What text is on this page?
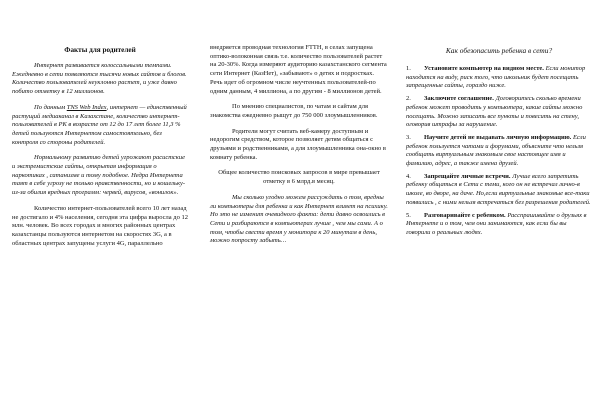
Факты для родителей

Интернет развивается колоссальными темпами. Ежедневно в сети появляются тысячи новых сайтов и блогов. Количество пользователей неуклонно растет, и уже давно побито отметку в 12 миллионов.

По данным TNS Web Index, интернет — единственный растущий медиаканал в Казахстане, количество интернет-пользователей в РК в возрасте от 12 до 17 лет более 11,3 % детей пользуются Интернетом самостоятельно, без контроля со стороны родителей.

Нормальному развитию детей угрожают расистские и экстремистские сайты, открытая информация о наркотиках , сатанизме и тому подобное. Недра Интернета таят в себе угрозу не только нравственности, но и кошельку- из-за обилия вредных программ: червей, вирусов, «вонилок».

Количество интернет-пользователей всего 10 лет назад не достигало и 4% населения, сегодня эта цифра выросла до 12 млн. человек. Во всех городах и многих районных центрах казахстанцы пользуются интернетом на скоростях 3G, а в областных центрах запущены услуги 4G, параллельно

внедряется проводная технология FTTH, в селах запущена оптико-волоконная связь т.е. количество пользователей растет на 20-30%. Когда измеряют аудиторию казахстанского сегмента сети Интернет (КазНет), «забывают» о детях и подростках. Речь идет об огромном числе неучтенных пользователей-по одним данным, 4 миллиона, а по другим - 8 миллионов детей.

По мнению специалистов, по чатам и сайтам для знакомства ежедневно рыщут до 750 000 злоумышленников.

Родители могут считать веб-камеру доступным и недорогим средством, которое позволяет детям общаться с друзьями и родственниками, а для злоумышленника она-окно в комнату ребенка.

Общее количество поисковых запросов в мире превышает отметку в 6 млрд.в месяц.

Мы сколько угодно можем рассуждать о том, вредны ли компьютеры для ребенка и как Интернет влияет на психику. Но это не изменит очевидного факта: дети давно освоились в Сети и разбираются в компьютерах лучше , чем мы сами. А о том, чтобы свести время у монитора к 20 минутам в день, можно попросту забыть…

Как обезопасить ребенка в сети?
1. Установите компьютер на видном месте. Если монитор находится на виду, риск того, что школьник будет посещать запрещенные сайты, гораздо ниже.
2. Заключите соглашение. Договоритесь сколько времени ребенок может проводить у компьютера, какие сайты можно посещать. Можно записать все пункты и повесить на стену, оговорив штрафы за нарушение.
3. Научите детей не выдавать личную информацию. Если ребенок пользуется чатами и форумами, объясните что нельзя сообщать виртуальным знакомым свое настоящее имя и фамилию, адрес, а также имена друзей.
4. Запрещайте личные встречи. Лучше всего запретить ребенку общаться в Сети с теми, кого он не встречал лично-в школе, во дворе, на даче. Но,если виртуальные знакомые все-таки появились , с ними нельзя встречаться без разрешения родителей.
5. Разговаривайте с ребенком. Расспрашивайте о друзьях в Интернете и о том, чем они занимаются, как если бы вы говорили о реальных людях.
